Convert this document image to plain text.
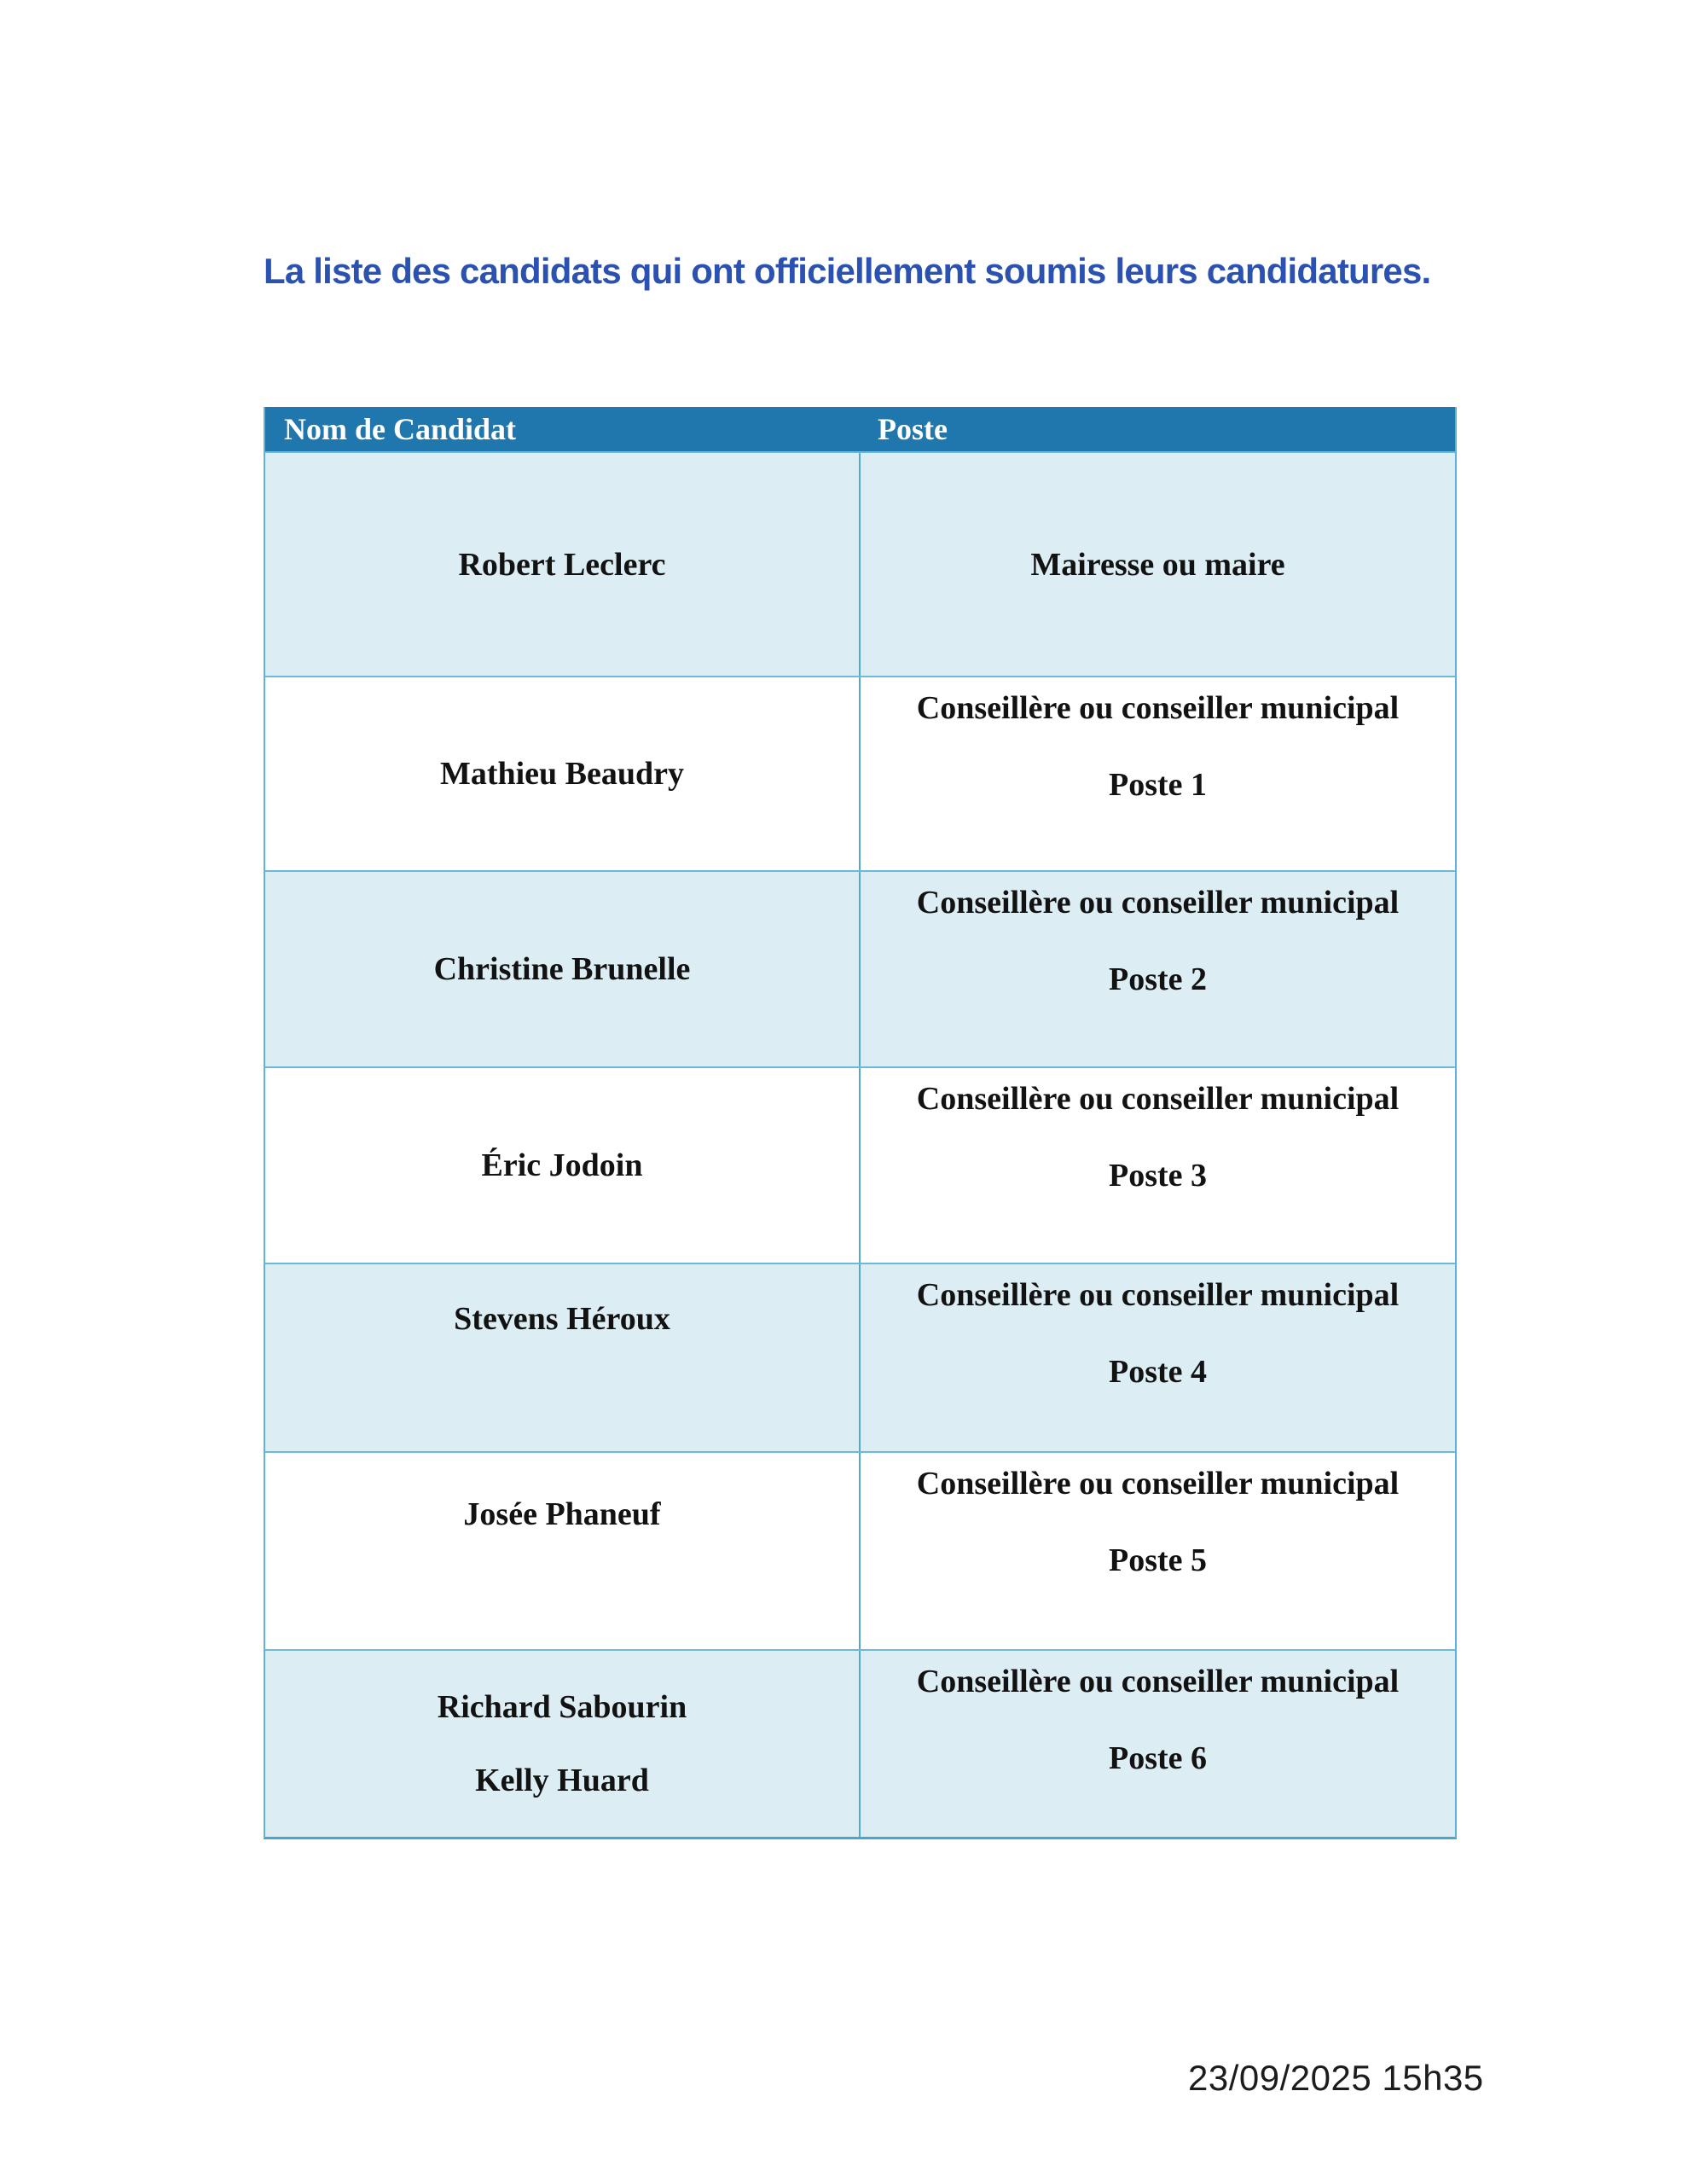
La liste des candidats qui ont officiellement soumis leurs candidatures.
Nom de Candidat	Poste
Robert Leclerc	Mairesse ou maire
Mathieu Beaudry
Conseillère ou conseiller municipal
Poste 1
Christine Brunelle
Conseillère ou conseiller municipal
Poste 2
Éric Jodoin
Conseillère ou conseiller municipal
Poste 3
Stevens Héroux
Conseillère ou conseiller municipal
Poste 4
Josée Phaneuf
Conseillère ou conseiller municipal
Poste 5
Richard Sabourin
Kelly Huard
Conseillère ou conseiller municipal
Poste 6
23/09/2025 15h35
